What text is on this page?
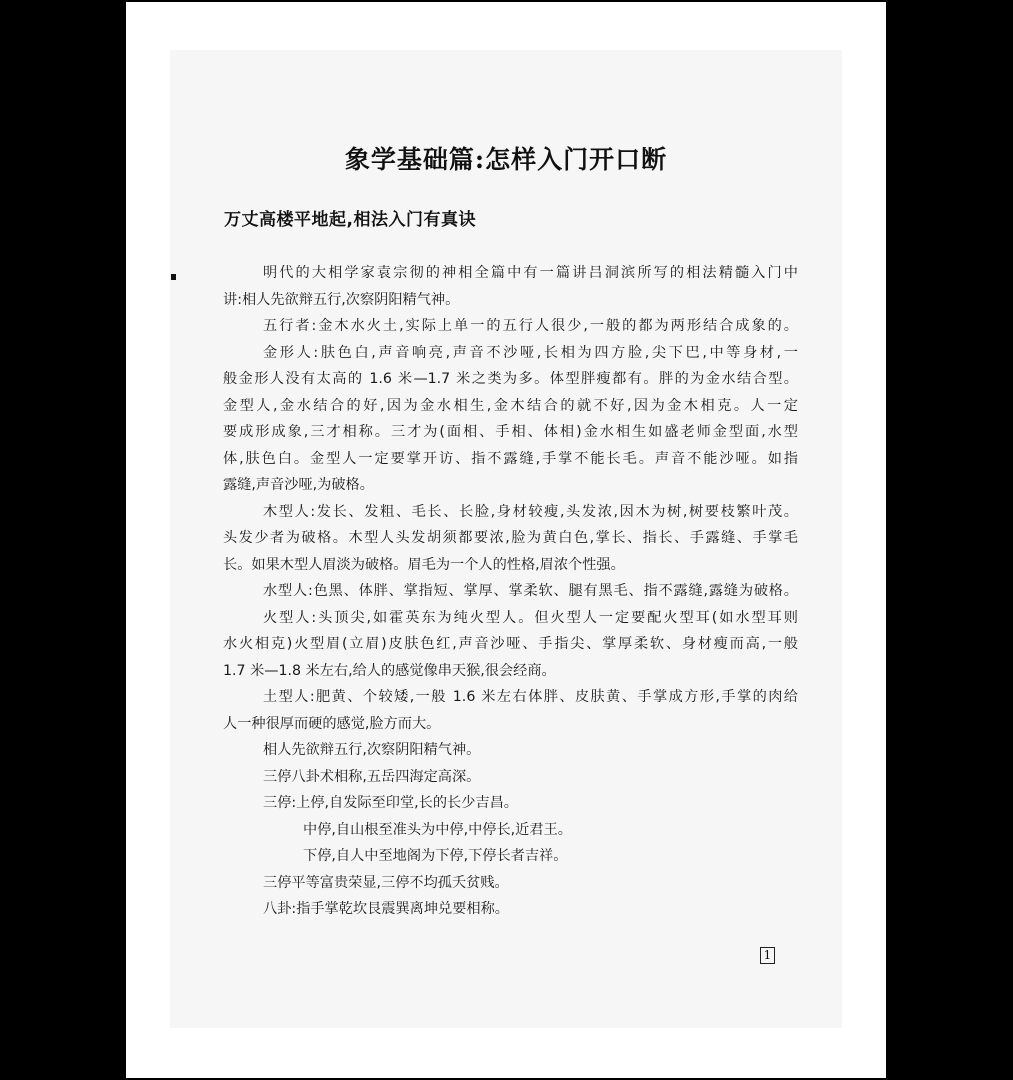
象学基础篇:怎样入门开口断
万丈高楼平地起,相法入门有真诀
明代的大相学家袁宗彻的神相全篇中有一篇讲吕洞滨所写的相法精髓入门中
讲:相人先欲辩五行,次察阴阳精气神。
五行者:金木水火土,实际上单一的五行人很少,一般的都为两形结合成象的。
金形人:肤色白,声音响亮,声音不沙哑,长相为四方脸,尖下巴,中等身材,一
般金形人没有太高的 1.6 米—1.7 米之类为多。体型胖瘦都有。胖的为金水结合型。
金型人,金水结合的好,因为金水相生,金木结合的就不好,因为金木相克。人一定
要成形成象,三才相称。三才为(面相、手相、体相)金水相生如盛老师金型面,水型
体,肤色白。金型人一定要掌开访、指不露缝,手掌不能长毛。声音不能沙哑。如指
露缝,声音沙哑,为破格。
木型人:发长、发粗、毛长、长脸,身材较瘦,头发浓,因木为树,树要枝繁叶茂。
头发少者为破格。木型人头发胡须都要浓,脸为黄白色,掌长、指长、手露缝、手掌毛
长。如果木型人眉淡为破格。眉毛为一个人的性格,眉浓个性强。
水型人:色黑、体胖、掌指短、掌厚、掌柔软、腿有黑毛、指不露缝,露缝为破格。
火型人:头顶尖,如霍英东为纯火型人。但火型人一定要配火型耳(如水型耳则
水火相克)火型眉(立眉)皮肤色红,声音沙哑、手指尖、掌厚柔软、身材瘦而高,一般
1.7 米—1.8 米左右,给人的感觉像串天猴,很会经商。
土型人:肥黄、个较矮,一般 1.6 米左右体胖、皮肤黄、手掌成方形,手掌的肉给
人一种很厚而硬的感觉,脸方而大。
相人先欲辩五行,次察阴阳精气神。
三停八卦术相称,五岳四海定高深。
三停:上停,自发际至印堂,长的长少吉昌。
中停,自山根至准头为中停,中停长,近君王。
下停,自人中至地阁为下停,下停长者吉祥。
三停平等富贵荣显,三停不均孤夭贫贱。
八卦:指手掌乾坎艮震巽离坤兑要相称。
1
